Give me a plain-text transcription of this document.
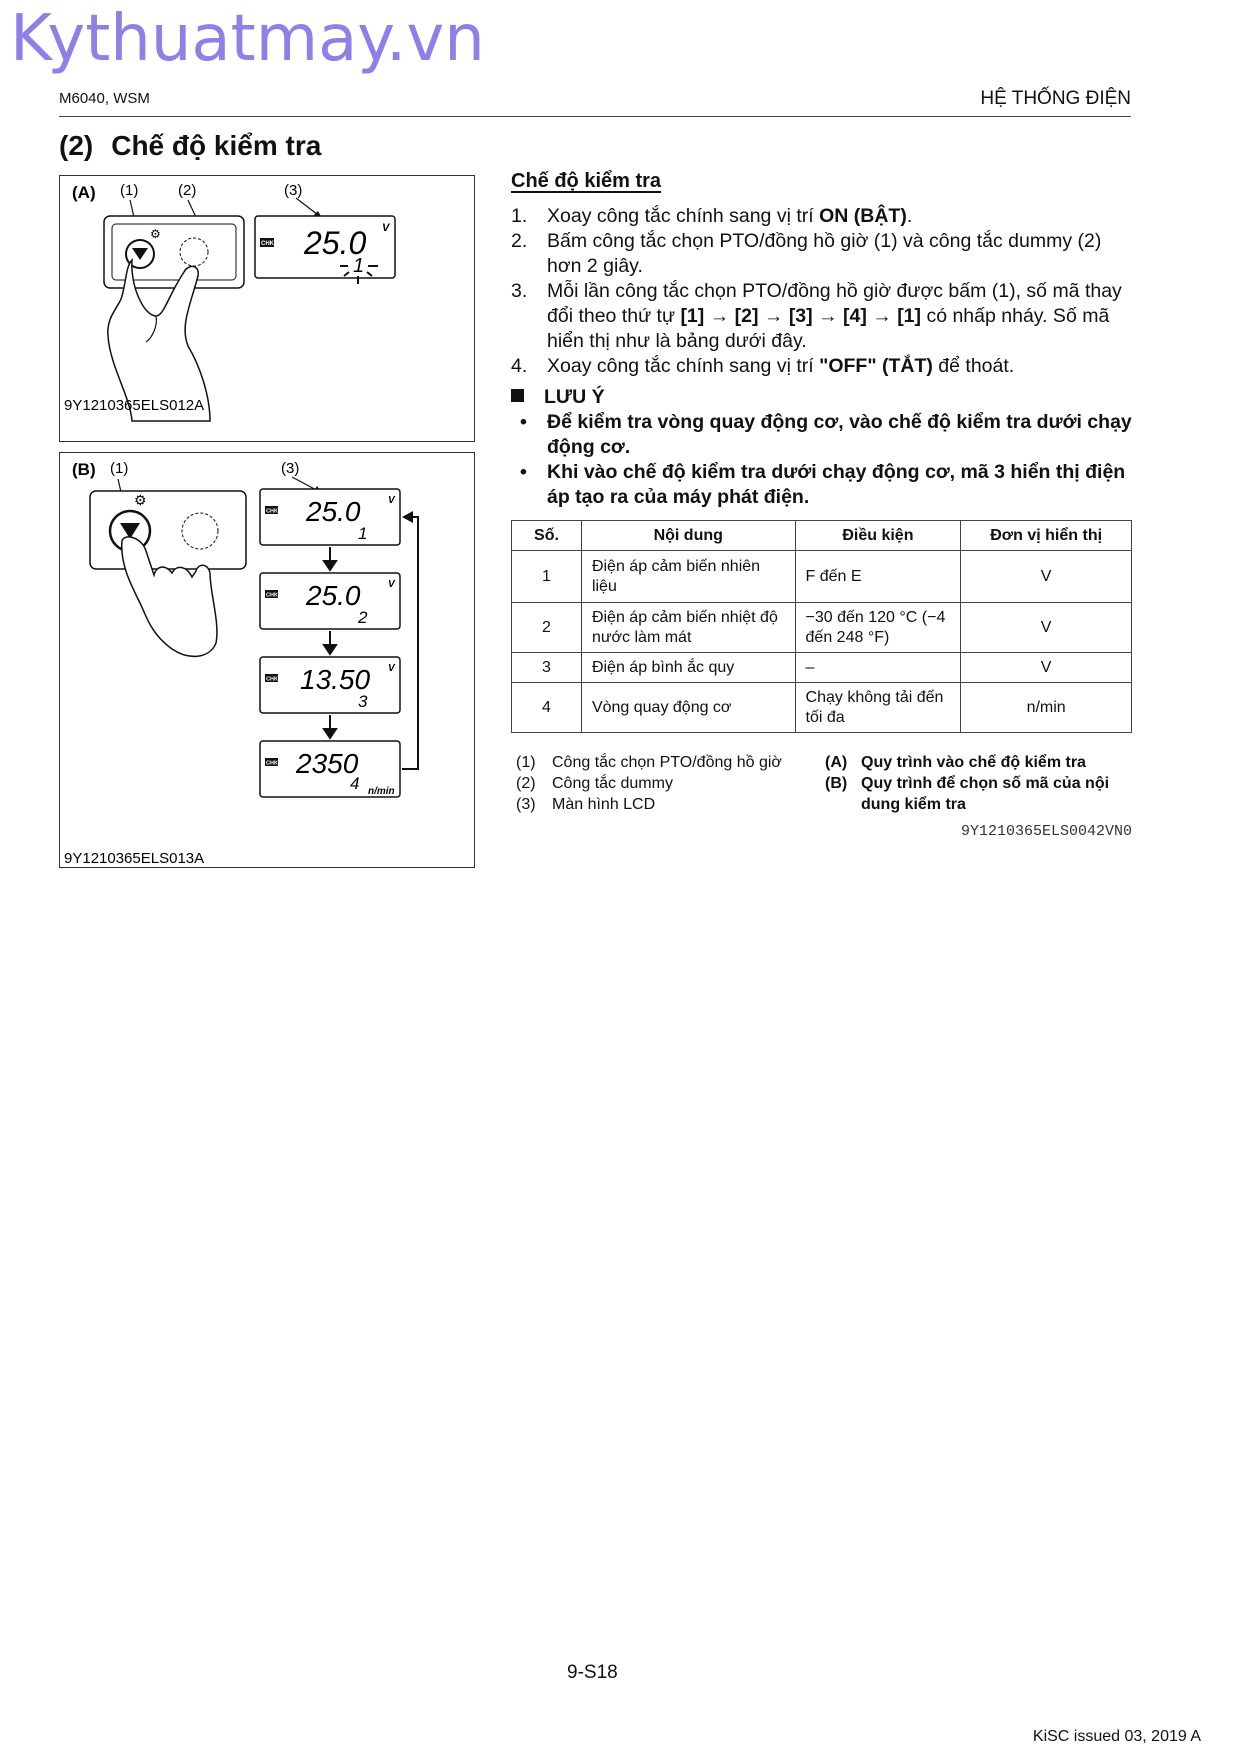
Kythuatmay.vn
M6040, WSM	HỆ THỐNG ĐIỆN
(2) Chế độ kiểm tra
(A) (1)	(2)	(3)
⚙
CHK 25.0 V
1
9Y1210365ELS012A
(B) (1)	(3)
⚙
CHK 25.0	V
1
CHK 25.0	V
2
CHK 13.50 V
3
CHK 2350
n/min
4
9Y1210365ELS013A
Chế độ kiểm tra
1.	Xoay công tắc chính sang vị trí ON (BẬT).
2.	Bấm công tắc chọn PTO/đồng hồ giờ (1) và công tắc dummy (2) hơn 2 giây.
3.	Mỗi lần công tắc chọn PTO/đồng hồ giờ được bấm (1), số mã thay đổi theo thứ tự [1] → [2] → [3] → [4] → [1] có nhấp nháy. Số mã hiển thị như là bảng dưới đây.
4.	Xoay công tắc chính sang vị trí "OFF" (TẮT) để thoát.
LƯU Ý
•	Để kiểm tra vòng quay động cơ, vào chế độ kiểm tra dưới chạy động cơ.
•	Khi vào chế độ kiểm tra dưới chạy động cơ, mã 3 hiển thị điện áp tạo ra của máy phát điện.
Số.	Nội dung	Điều kiện	Đơn vị hiển thị
1	Điện áp cảm biến nhiên liệu	F đến E	V
2	Điện áp cảm biến nhiệt độ nước làm mát	−30 đến 120 °C (−4 đến 248 °F)	V
3	Điện áp bình ắc quy	–	V
4	Vòng quay động cơ	Chạy không tải đến tối đa	n/min
(1)	Công tắc chọn PTO/đồng hồ giờ
(2)	Công tắc dummy
(3)	Màn hình LCD
(A) Quy trình vào chế độ kiểm tra
(B) Quy trình để chọn số mã của nội dung kiểm tra
9Y1210365ELS0042VN0
9-S18
KiSC issued 03, 2019 A
